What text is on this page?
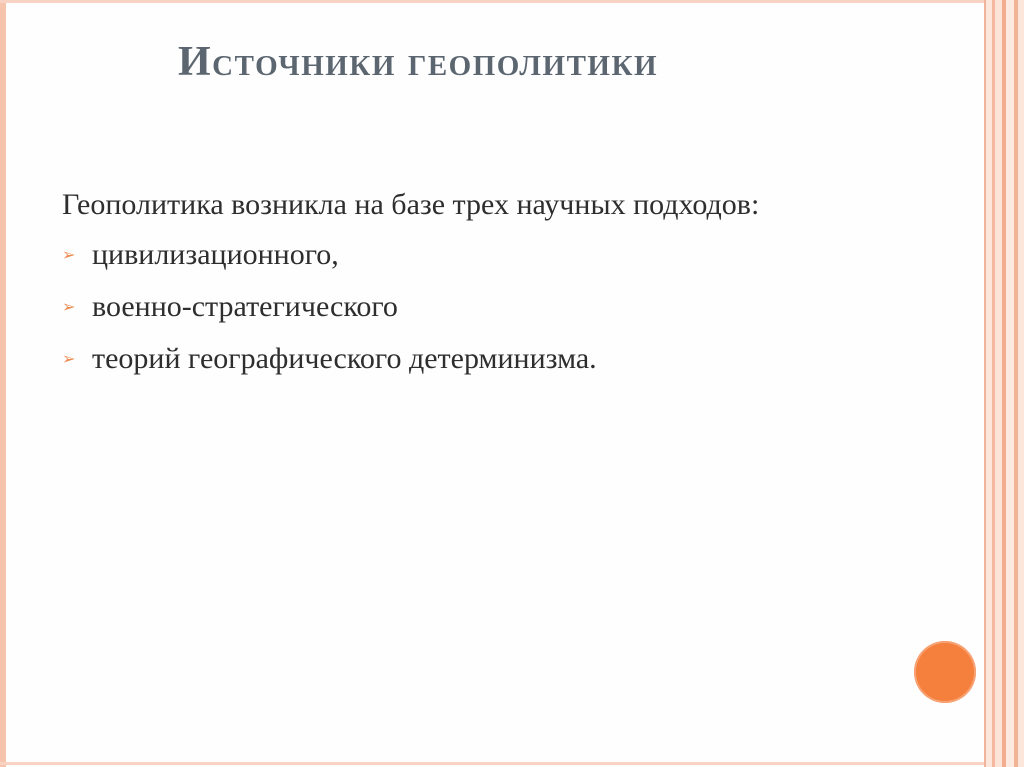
Источники геополитики

Геополитика возникла на базе трех научных подходов:

➢ цивилизационного,
➢ военно-стратегического
➢ теорий географического детерминизма.
